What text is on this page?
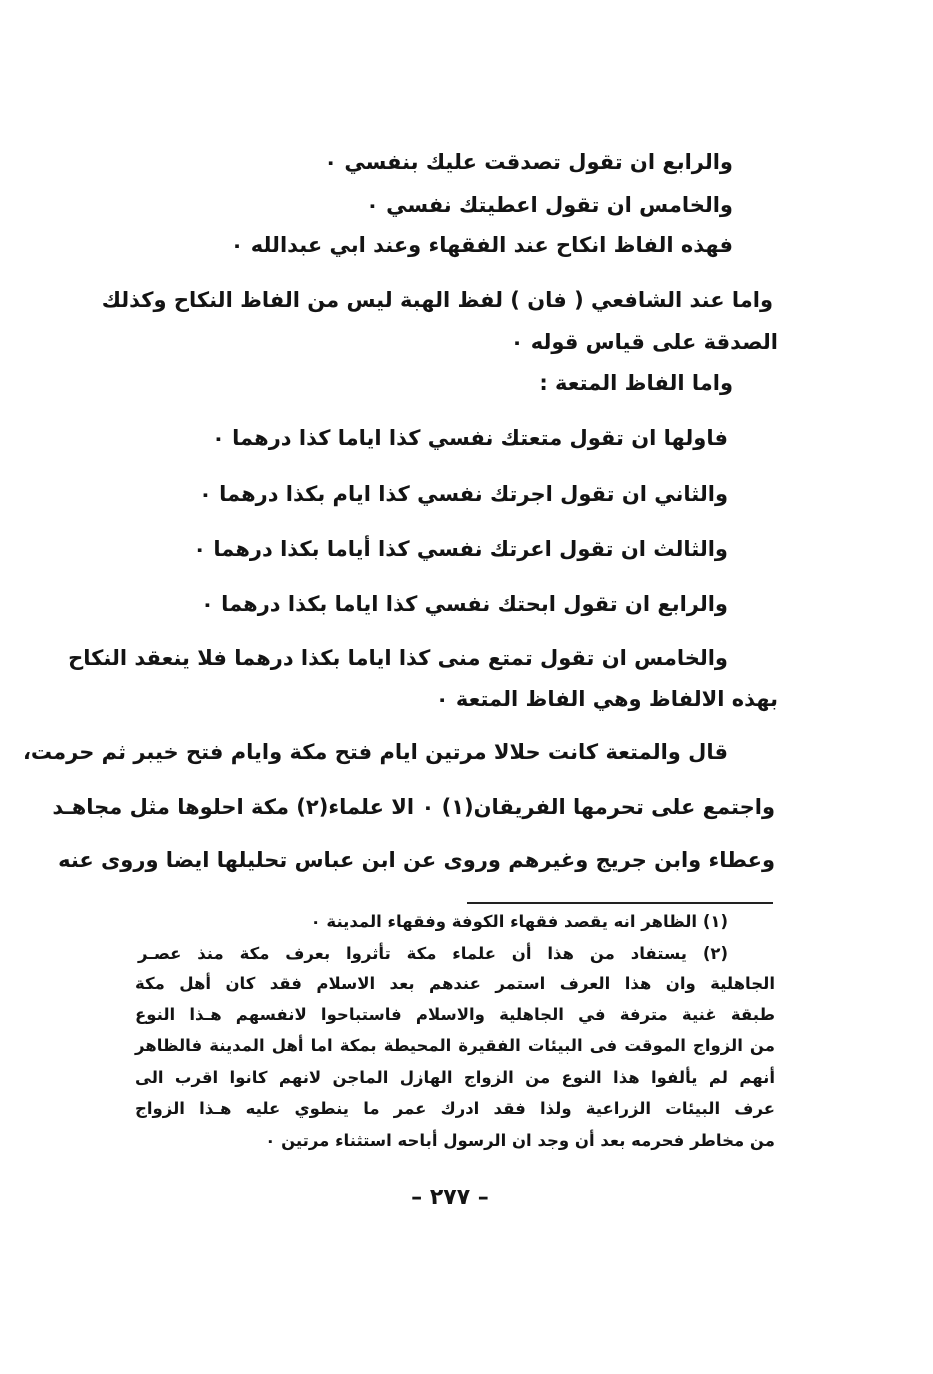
والرابع ان تقول تصدقت عليك بنفسي ٠
والخامس ان تقول اعطيتك نفسي ٠
فهذه الفاظ انكاح عند الفقهاء وعند ابي عبدالله ٠
واما عند الشافعي ( فان ) لفظ الهبة ليس من الفاظ النكاح وكذلك
الصدقة على قياس قوله ٠
واما الفاظ المتعة :
فاولها ان تقول متعتك نفسي كذا اياما كذا درهما ٠
والثاني ان تقول اجرتك نفسي كذا ايام بكذا درهما ٠
والثالث ان تقول اعرتك نفسي كذا أياما بكذا درهما ٠
والرابع ان تقول ابحتك نفسي كذا اياما بكذا درهما ٠
والخامس ان تقول تمتع منى كذا اياما بكذا درهما فلا ينعقد النكاح
بهذه الالفاظ وهي الفاظ المتعة ٠
قال والمتعة كانت حلالا مرتين ايام فتح مكة وايام فتح خيبر ثم حرمت،
واجتمع على تحرمها الفريقان(١) ٠ الا علماء(٢) مكة احلوها مثل مجاهـد
وعطاء وابن جريج وغيرهم وروى عن ابن عباس تحليلها ايضا وروى عنه
(١) الظاهر انه يقصد فقهاء الكوفة وفقهاء المدينة ٠
(٢) يستفاد من هذا أن علماء مكة تأثروا بعرف مكة منذ عصـر
الجاهلية وان هذا العرف استمر عندهم بعد الاسلام فقد كان أهل مكة
طبقة غنية مترفة في الجاهلية والاسلام فاستباحوا لانفسهم هـذا النوع
من الزواج الموقت فى البيئات الفقيرة المحيطة بمكة اما أهل المدينة فالظاهر
أنهم لم يألفوا هذا النوع من الزواج الهازل الماجن لانهم كانوا اقرب الى
عرف البيئات الزراعية ولذا فقد ادرك عمر ما ينطوي عليه هـذا الزواج
من مخاطر فحرمه بعد أن وجد ان الرسول أباحه استثناء مرتين ٠
– ٢٧٧ –
